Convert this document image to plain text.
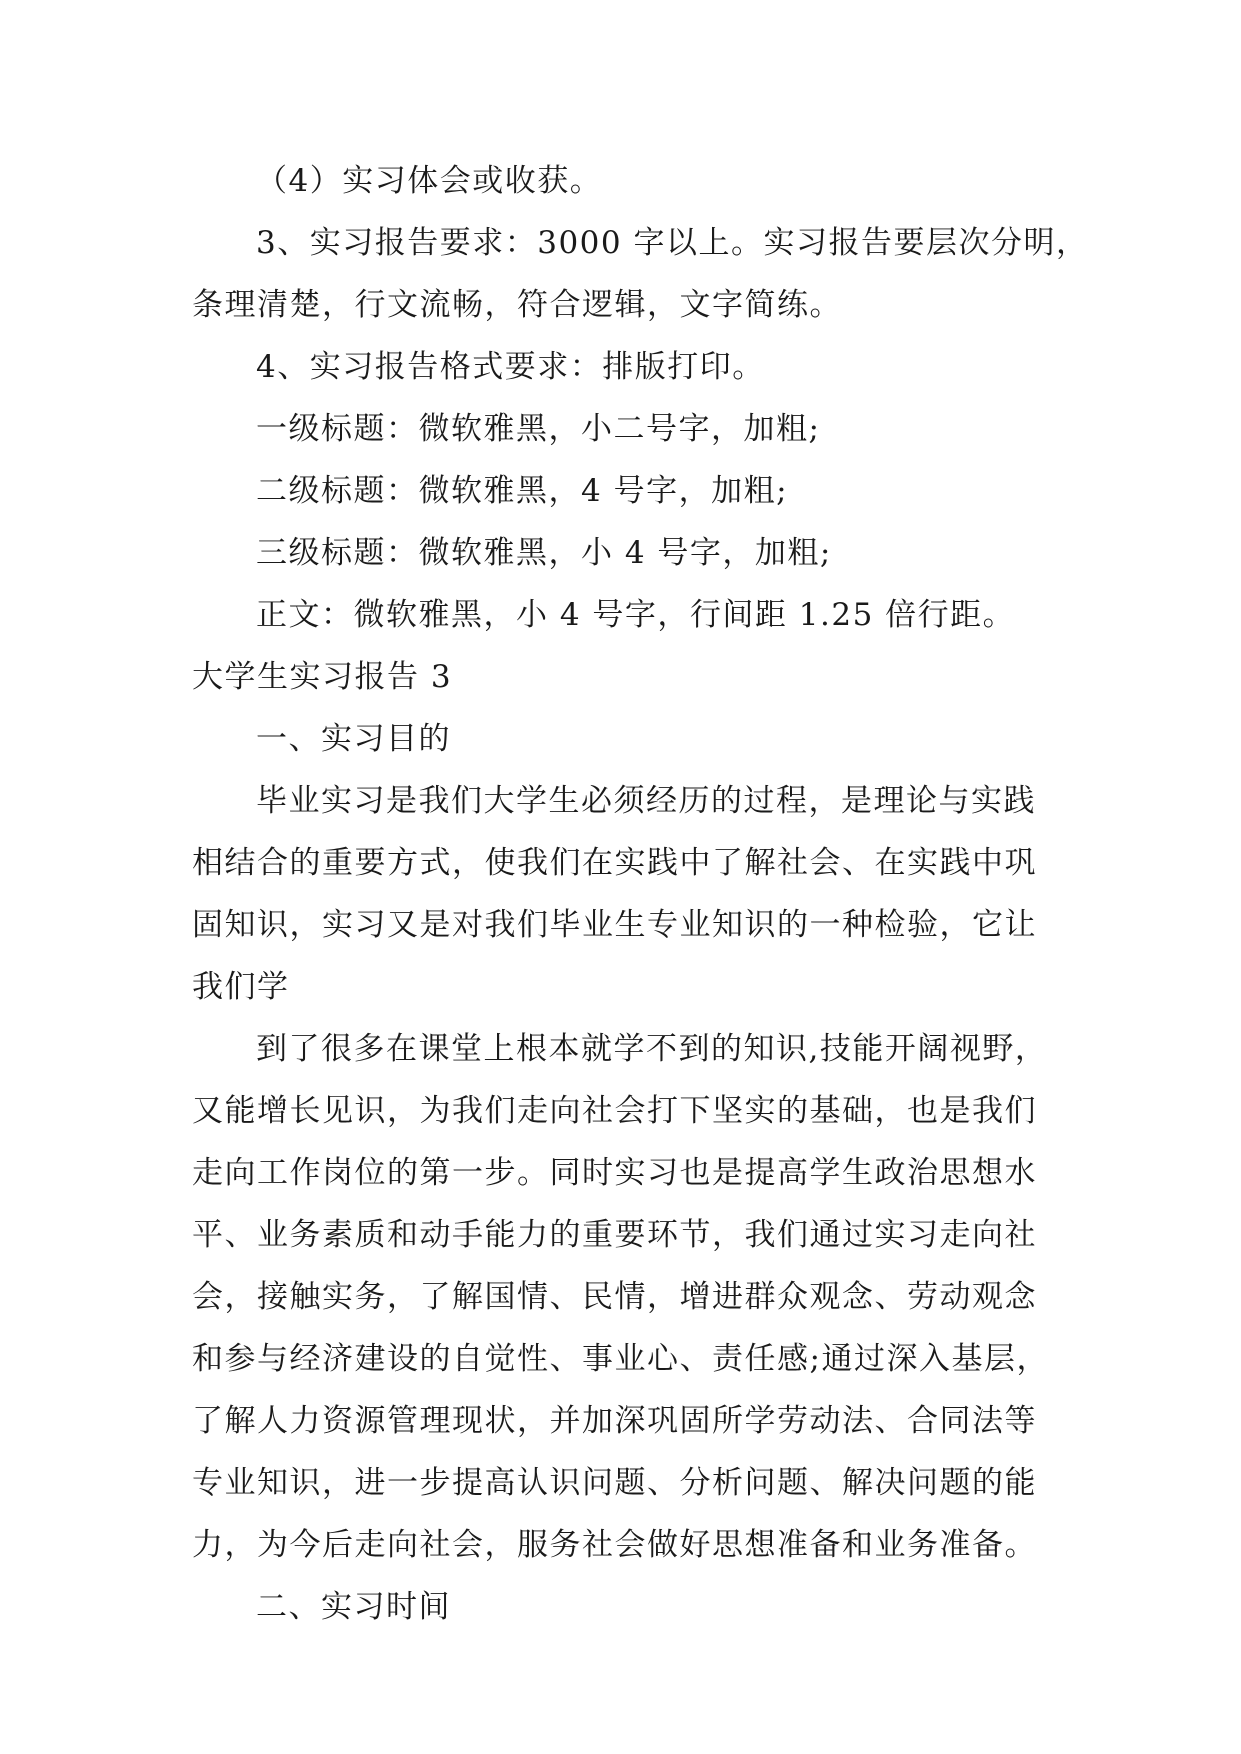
（4）实习体会或收获。
3、实习报告要求：3000 字以上。实习报告要层次分明，
条理清楚，行文流畅，符合逻辑，文字简练。
4、实习报告格式要求：排版打印。
一级标题：微软雅黑，小二号字，加粗;
二级标题：微软雅黑，4 号字，加粗;
三级标题：微软雅黑，小 4 号字，加粗;
正文：微软雅黑，小 4 号字，行间距 1.25 倍行距。
大学生实习报告 3
一、实习目的
毕业实习是我们大学生必须经历的过程，是理论与实践
相结合的重要方式，使我们在实践中了解社会、在实践中巩
固知识，实习又是对我们毕业生专业知识的一种检验，它让
我们学
到了很多在课堂上根本就学不到的知识,技能开阔视野，
又能增长见识，为我们走向社会打下坚实的基础，也是我们
走向工作岗位的第一步。同时实习也是提高学生政治思想水
平、业务素质和动手能力的重要环节，我们通过实习走向社
会，接触实务，了解国情、民情，增进群众观念、劳动观念
和参与经济建设的自觉性、事业心、责任感;通过深入基层，
了解人力资源管理现状，并加深巩固所学劳动法、合同法等
专业知识，进一步提高认识问题、分析问题、解决问题的能
力，为今后走向社会，服务社会做好思想准备和业务准备。
二、实习时间
